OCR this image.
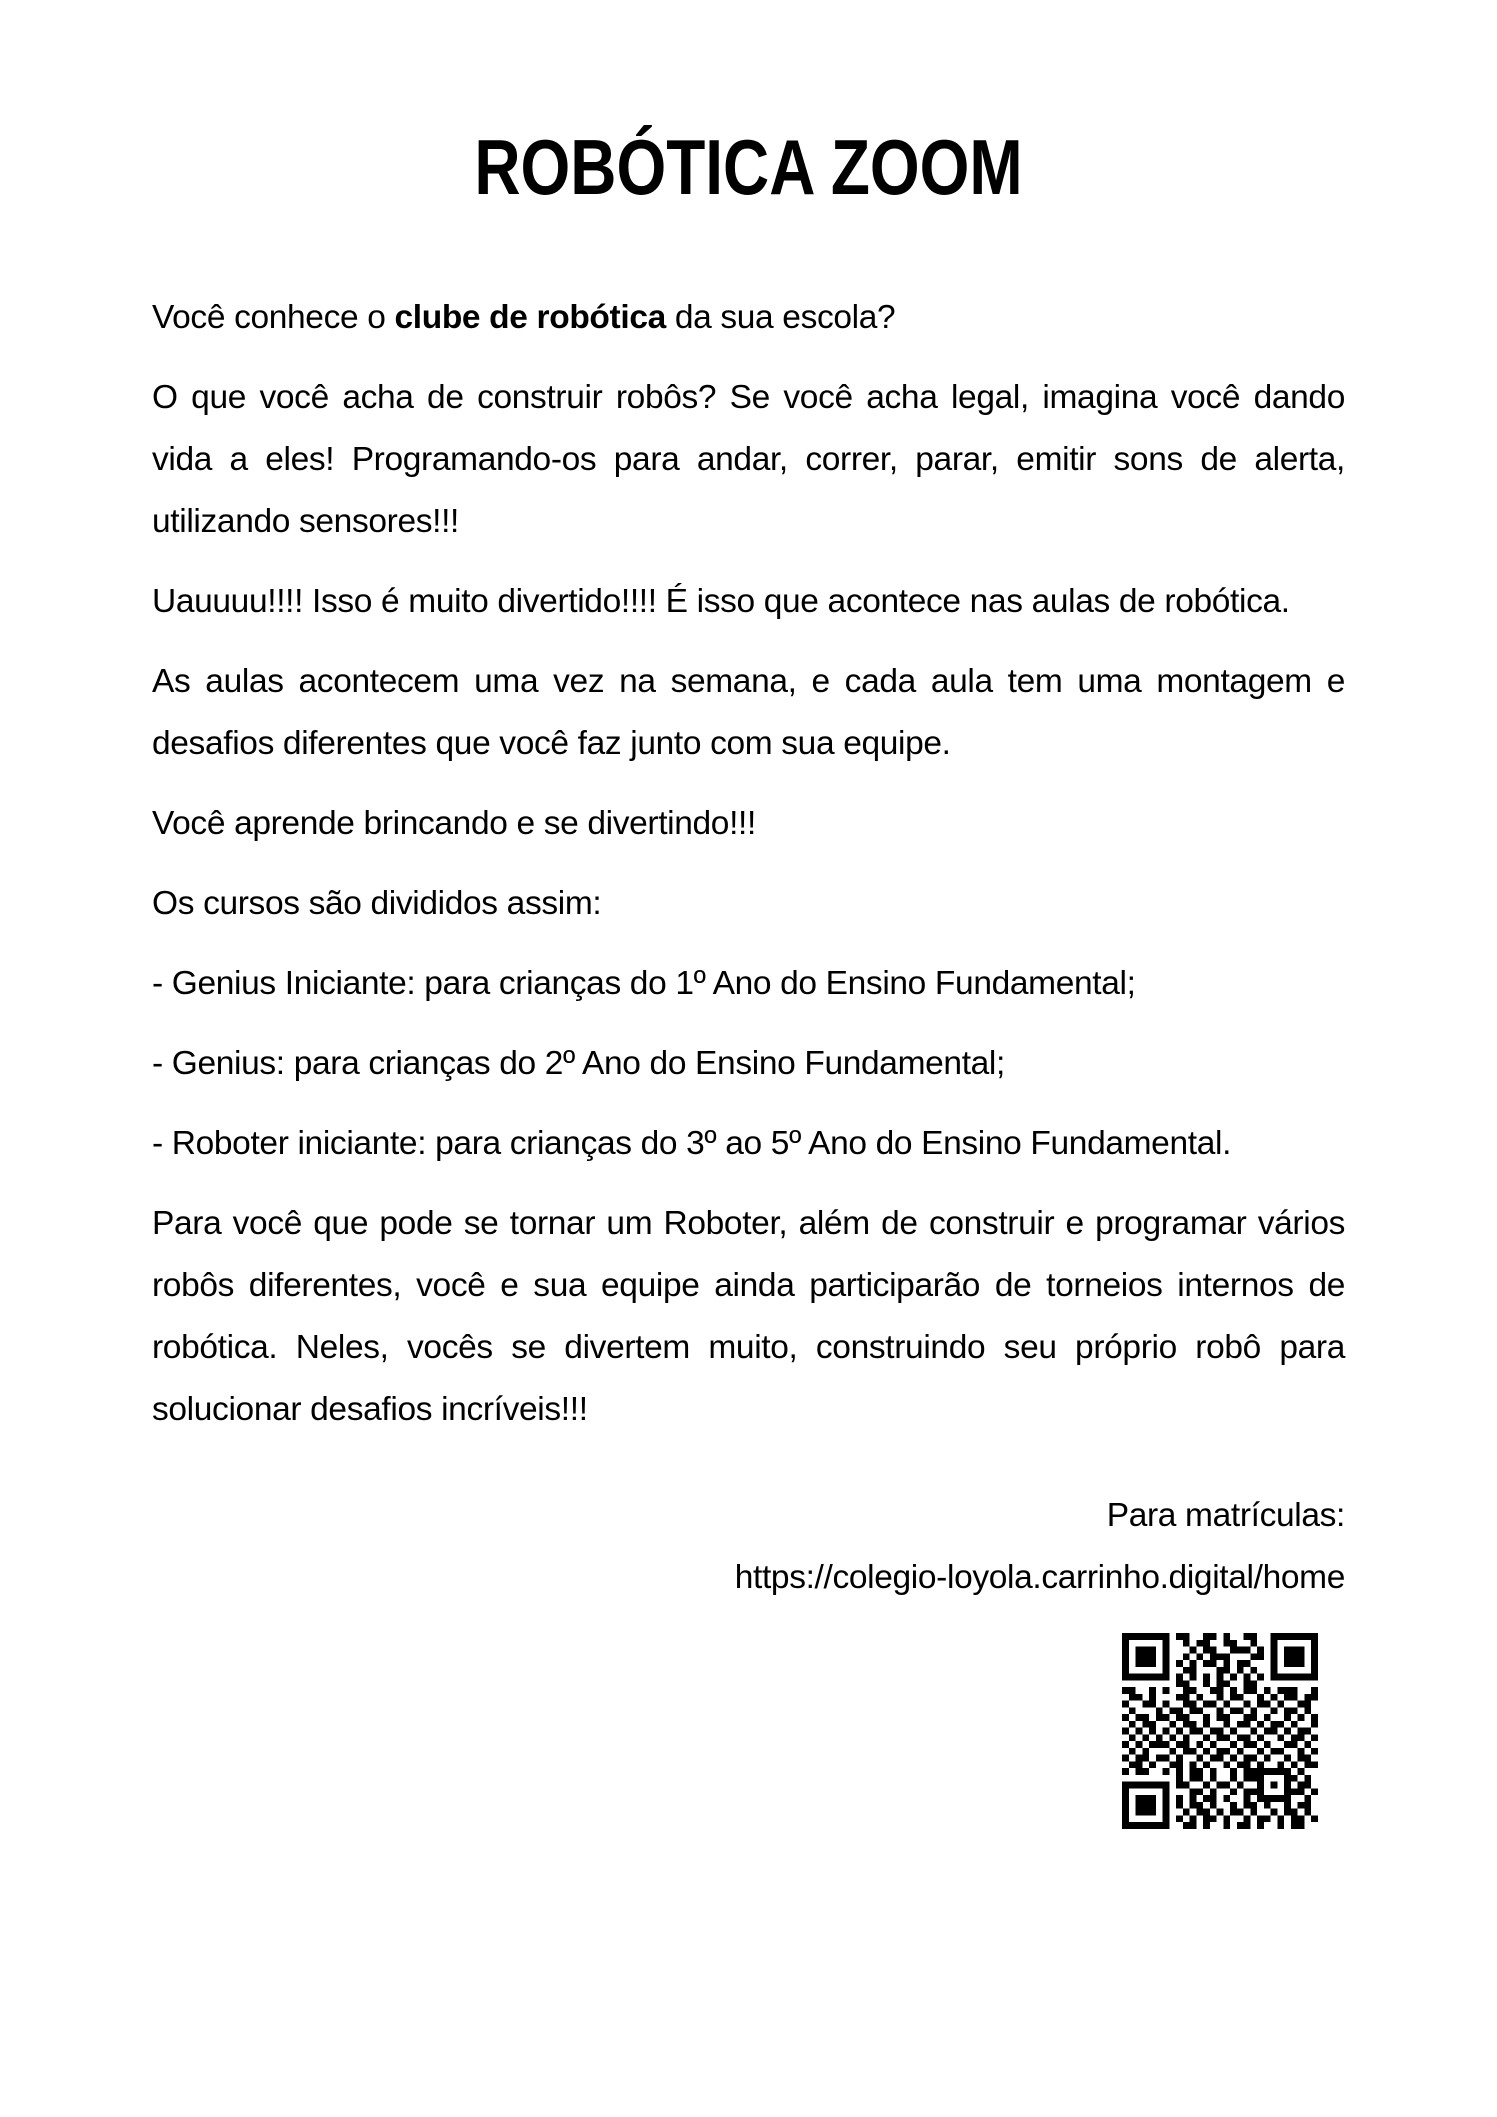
ROBÓTICA ZOOM

Você conhece o clube de robótica da sua escola?

O que você acha de construir robôs? Se você acha legal, imagina você dando vida a eles! Programando-os para andar, correr, parar, emitir sons de alerta, utilizando sensores!!!

Uauuuu!!!! Isso é muito divertido!!!! É isso que acontece nas aulas de robótica.

As aulas acontecem uma vez na semana, e cada aula tem uma montagem e desafios diferentes que você faz junto com sua equipe.

Você aprende brincando e se divertindo!!!

Os cursos são divididos assim:

- Genius Iniciante: para crianças do 1º Ano do Ensino Fundamental;

- Genius: para crianças do 2º Ano do Ensino Fundamental;

- Roboter iniciante: para crianças do 3º ao 5º Ano do Ensino Fundamental.

Para você que pode se tornar um Roboter, além de construir e programar vários robôs diferentes, você e sua equipe ainda participarão de torneios internos de robótica. Neles, vocês se divertem muito, construindo seu próprio robô para solucionar desafios incríveis!!!

Para matrículas:
https://colegio-loyola.carrinho.digital/home
